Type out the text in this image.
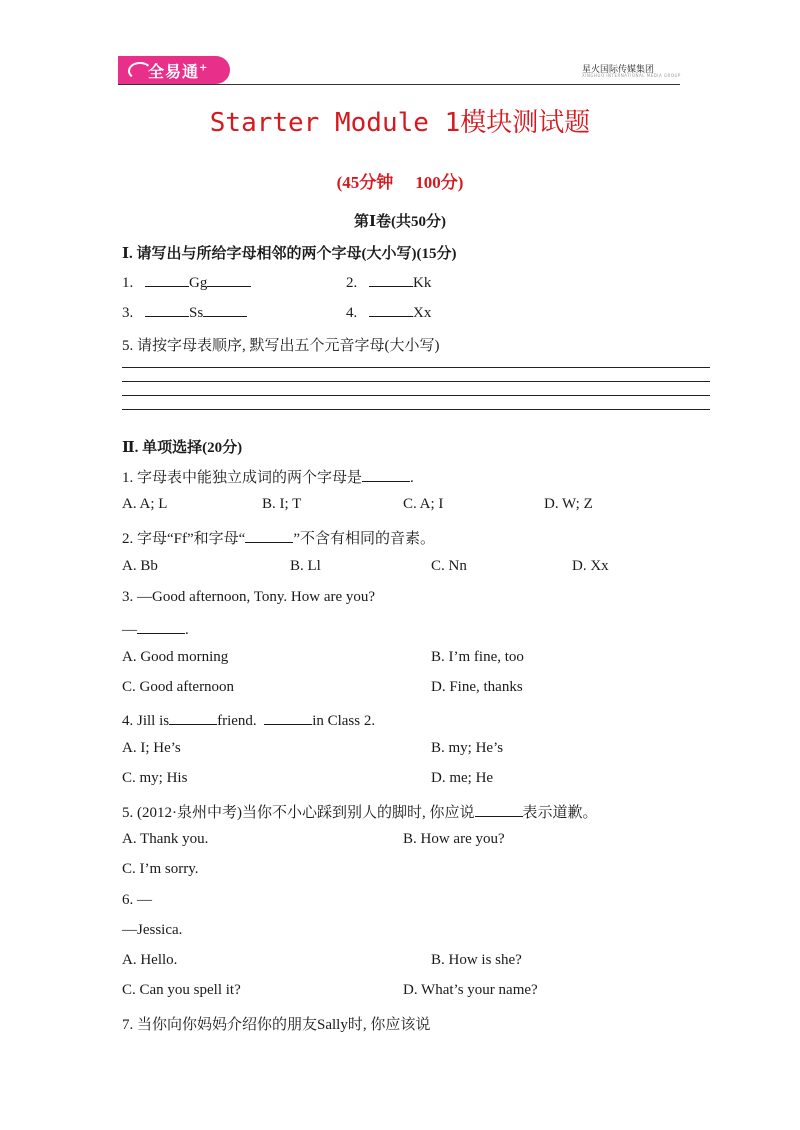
全易通+	星火国际传媒集团
XINGHUO INTERNATIONAL MEDIA GROUP
Starter Module 1模块测试题
(45分钟 100分)
第Ⅰ卷(共50分)
Ⅰ. 请写出与所给字母相邻的两个字母(大小写)(15分)
1.	Gg	2.	Kk
3.	Ss	4.	Xx
5. 请按字母表顺序, 默写出五个元音字母(大小写)
Ⅱ. 单项选择(20分)
1. 字母表中能独立成词的两个字母是	.
A. A; L	B. I; T	C. A; I	D. W; Z
2. 字母“Ff”和字母“	”不含有相同的音素。
A. Bb	B. Ll	C. Nn	D. Xx
3. —Good afternoon, Tony. How are you?
—	.
A. Good morning	B. I’m fine, too
C. Good afternoon	D. Fine, thanks
4. Jill is	friend.	in Class 2.
A. I; He’s	B. my; He’s
C. my; His	D. me; He
5. (2012·泉州中考)当你不小心踩到别人的脚时, 你应说	表示道歉。
A. Thank you.	B. How are you?
C. I’m sorry.
6. —
—Jessica.
A. Hello.	B. How is she?
C. Can you spell it?	D. What’s your name?
7. 当你向你妈妈介绍你的朋友Sally时, 你应该说
